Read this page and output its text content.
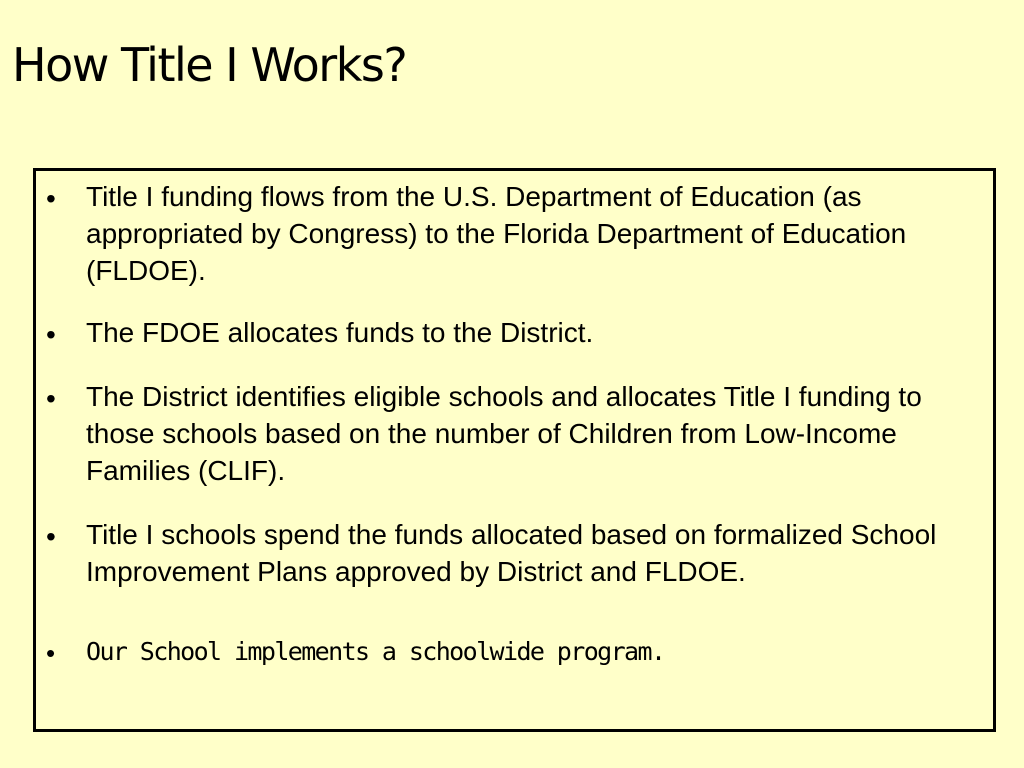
How Title I Works?
• Title I funding flows from the U.S. Department of Education (as appropriated by Congress) to the Florida Department of Education (FLDOE).

• The FDOE allocates funds to the District.

• The District identifies eligible schools and allocates Title I funding to those schools based on the number of Children from Low-Income Families (CLIF).

• Title I schools spend the funds allocated based on formalized School Improvement Plans approved by District and FLDOE.

• Our School implements a schoolwide program.
